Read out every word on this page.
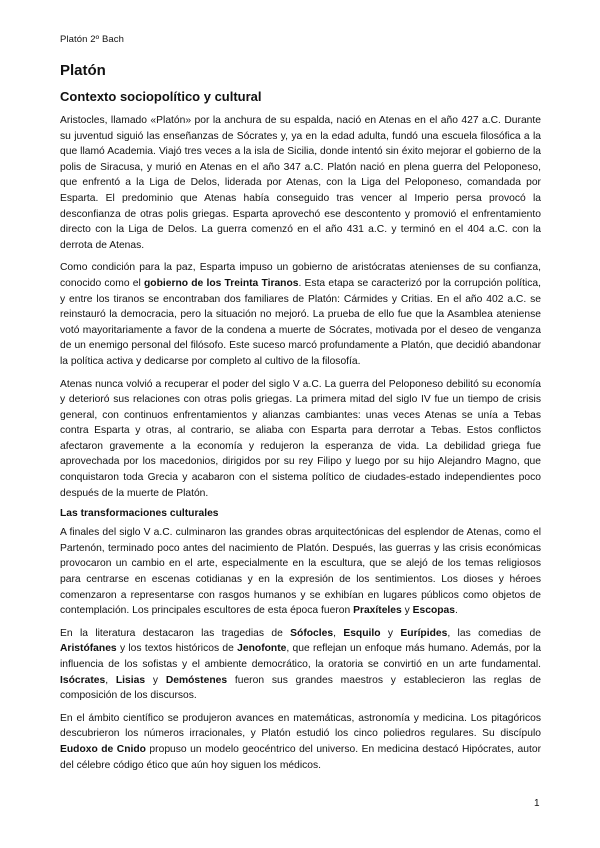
Platón 2º Bach
Platón
Contexto sociopolítico y cultural

Aristocles, llamado «Platón» por la anchura de su espalda, nació en Atenas en el año 427 a.C. Durante su juventud siguió las enseñanzas de Sócrates y, ya en la edad adulta, fundó una escuela filosófica a la que llamó Academia. Viajó tres veces a la isla de Sicilia, donde intentó sin éxito mejorar el gobierno de la polis de Siracusa, y murió en Atenas en el año 347 a.C. Platón nació en plena guerra del Peloponeso, que enfrentó a la Liga de Delos, liderada por Atenas, con la Liga del Peloponeso, comandada por Esparta. El predominio que Atenas había conseguido tras vencer al Imperio persa provocó la desconfianza de otras polis griegas. Esparta aprovechó ese descontento y promovió el enfrentamiento directo con la Liga de Delos. La guerra comenzó en el año 431 a.C. y terminó en el 404 a.C. con la derrota de Atenas.

Como condición para la paz, Esparta impuso un gobierno de aristócratas atenienses de su confianza, conocido como el gobierno de los Treinta Tiranos. Esta etapa se caracterizó por la corrupción política, y entre los tiranos se encontraban dos familiares de Platón: Cármides y Critias. En el año 402 a.C. se reinstauró la democracia, pero la situación no mejoró. La prueba de ello fue que la Asamblea ateniense votó mayoritariamente a favor de la condena a muerte de Sócrates, motivada por el deseo de venganza de un enemigo personal del filósofo. Este suceso marcó profundamente a Platón, que decidió abandonar la política activa y dedicarse por completo al cultivo de la filosofía.

Atenas nunca volvió a recuperar el poder del siglo V a.C. La guerra del Peloponeso debilitó su economía y deterioró sus relaciones con otras polis griegas. La primera mitad del siglo IV fue un tiempo de crisis general, con continuos enfrentamientos y alianzas cambiantes: unas veces Atenas se unía a Tebas contra Esparta y otras, al contrario, se aliaba con Esparta para derrotar a Tebas. Estos conflictos afectaron gravemente a la economía y redujeron la esperanza de vida. La debilidad griega fue aprovechada por los macedonios, dirigidos por su rey Filipo y luego por su hijo Alejandro Magno, que conquistaron toda Grecia y acabaron con el sistema político de ciudades-estado independientes poco después de la muerte de Platón.

Las transformaciones culturales

A finales del siglo V a.C. culminaron las grandes obras arquitectónicas del esplendor de Atenas, como el Partenón, terminado poco antes del nacimiento de Platón. Después, las guerras y las crisis económicas provocaron un cambio en el arte, especialmente en la escultura, que se alejó de los temas religiosos para centrarse en escenas cotidianas y en la expresión de los sentimientos. Los dioses y héroes comenzaron a representarse con rasgos humanos y se exhibían en lugares públicos como objetos de contemplación. Los principales escultores de esta época fueron Praxíteles y Escopas.

En la literatura destacaron las tragedias de Sófocles, Esquilo y Eurípides, las comedias de Aristófanes y los textos históricos de Jenofonte, que reflejan un enfoque más humano. Además, por la influencia de los sofistas y el ambiente democrático, la oratoria se convirtió en un arte fundamental. Isócrates, Lisias y Demóstenes fueron sus grandes maestros y establecieron las reglas de composición de los discursos.

En el ámbito científico se produjeron avances en matemáticas, astronomía y medicina. Los pitagóricos descubrieron los números irracionales, y Platón estudió los cinco poliedros regulares. Su discípulo Eudoxo de Cnido propuso un modelo geocéntrico del universo. En medicina destacó Hipócrates, autor del célebre código ético que aún hoy siguen los médicos.

1
